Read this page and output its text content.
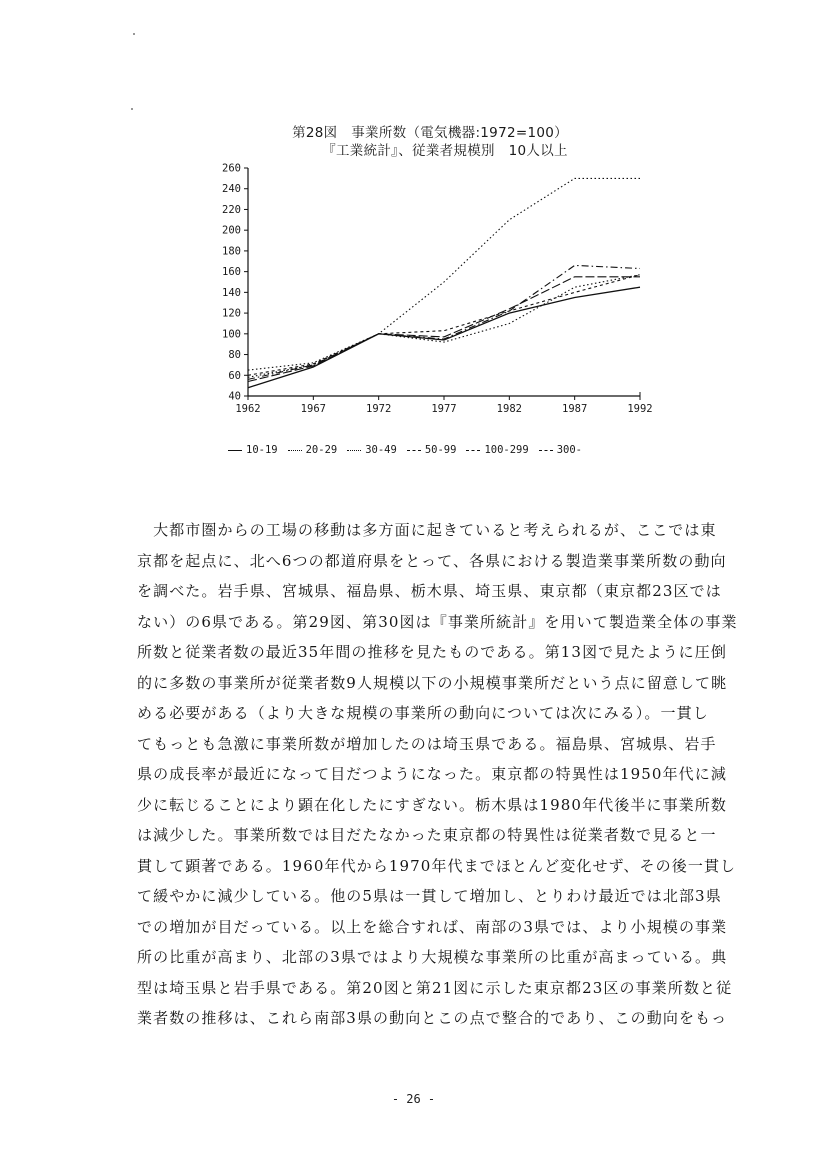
第28図　事業所数（電気機器:1972=100）
『工業統計』、従業者規模別　10人以上
40
60
80
100
120
140
160
180
200
220
240
260
1962	1967	1972	1977	1982	1987	1992
10-19	20-29	30-49	50-99	100-299	300-
　大都市圏からの工場の移動は多方面に起きていると考えられるが、ここでは東
京都を起点に、北へ6つの都道府県をとって、各県における製造業事業所数の動向
を調べた。岩手県、宮城県、福島県、栃木県、埼玉県、東京都（東京都23区では
ない）の6県である。第29図、第30図は『事業所統計』を用いて製造業全体の事業
所数と従業者数の最近35年間の推移を見たものである。第13図で見たように圧倒
的に多数の事業所が従業者数9人規模以下の小規模事業所だという点に留意して眺
める必要がある（より大きな規模の事業所の動向については次にみる）。一貫し
てもっとも急激に事業所数が増加したのは埼玉県である。福島県、宮城県、岩手
県の成長率が最近になって目だつようになった。東京都の特異性は1950年代に減
少に転じることにより顕在化したにすぎない。栃木県は1980年代後半に事業所数
は減少した。事業所数では目だたなかった東京都の特異性は従業者数で見ると一
貫して顕著である。1960年代から1970年代までほとんど変化せず、その後一貫し
て緩やかに減少している。他の5県は一貫して増加し、とりわけ最近では北部3県
での増加が目だっている。以上を総合すれば、南部の3県では、より小規模の事業
所の比重が高まり、北部の3県ではより大規模な事業所の比重が高まっている。典
型は埼玉県と岩手県である。第20図と第21図に示した東京都23区の事業所数と従
業者数の推移は、これら南部3県の動向とこの点で整合的であり、この動向をもっ
- 26 -
